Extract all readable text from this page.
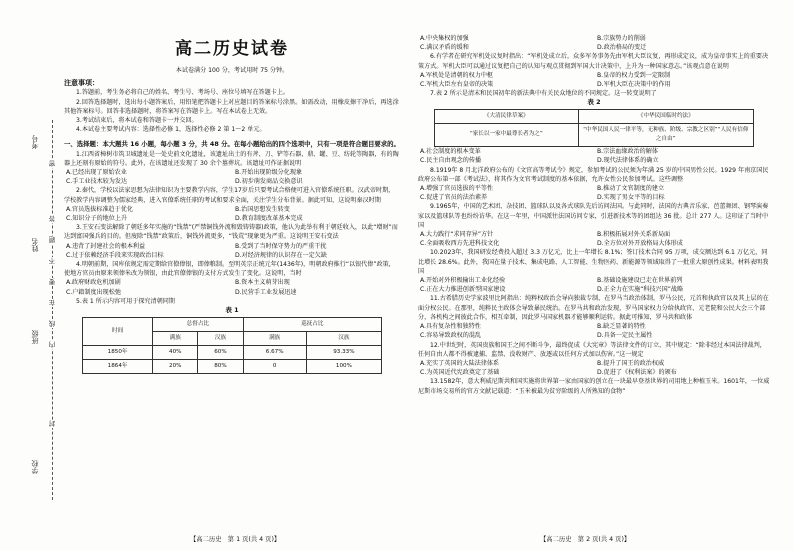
考号
姓名
班级
学校
答
题
不
要
在
线
内
密
封
高二历史试卷

本试卷满分 100 分，考试用时 75 分钟。

注意事项：

1.答题前，考生务必将自己的姓名、考生号、考场号、座位号填写在答题卡上。

2.回答选择题时，选出每小题答案后，用铅笔把答题卡上对应题目的答案标号涂黑。如需改动，用橡皮擦干净后，再选涂其他答案标号。回答非选择题时，将答案写在答题卡上。写在本试卷上无效。

3.考试结束后，将本试卷和答题卡一并交回。

4.本试卷主要考试内容：选择性必修 1，选择性必修 2 第 1～2 单元。

一、选择题：本大题共 16 小题，每小题 3 分，共 48 分。在每小题给出的四个选项中，只有一项是符合题目要求的。

1.江西省樟树市筑卫城遗址是一处史前文化遗址，该遗址出土的有斧、刀、铲等石器，鼎、罐、豆、纺轮等陶器，有的陶器上还刻有原始的符号。此外，在该遗址还发现了 30 余个墓葬坑。该遗址可作证据说明

A.已经出现了原始农业	B.开始出现阶级分化现象
C.手工业技术较为发达	D.初步萌发商品交换意识

2.秦代，学校以法家思想为法律知识为主要教学内容，学生17岁后只要考试合格便可进入官僚系统任职。汉武帝时期，学校教学内容调整为儒家经典，进入官僚系统任职的考试和要求全面，关注学生分布背景。据此可知，这说明秦汉时期

A.官员选拔标准趋于优化	B.治国思想发生转变
C.知识分子的地位上升	D.教育制度改革基本完成

3.王安石变法解除了朝廷多年实施的“钱禁”(严禁铜钱外流和毁铸铸器)政策，他认为此举有利于朝廷收入，以此“增财”而达到富国强兵的目的。但废除“钱禁”政策后，铜钱外流更多，“钱荒”现象更为严重。这说明王安石变法

A.违背了封建社会的根本利益	B.受到了当时保守势力的严重干扰
C.过于依赖经济手段来实现政治目标	D.对经济规律的认识存在一定欠缺

4.明朝前期，国库依规定需定期给官僚俸银，即俸粮制。至明英宗正统元年(1436年)，明朝政府推行“以银代俸”政策，使地方官员由原来领俸米改为领银，由此官僚俸银的支付方式发生了变化。这说明，当时

A.政府财政危机加剧	B.资本主义萌芽出现
C.户籍制度出现松弛	D.民营手工业发展迅速

5.表 1 所示内容可用于探究清朝同期

表 1
时间	总督占比		巡抚占比	
	满族	汉族	满族	汉族
1850年	40%	60%	6.67%	93.33%
1864年	20%	80%	0	100%
【高二历史　第 1 页(共 4 页)】
A.中央集权的加强	B.宗族势力的削弱
C.满汉矛盾的缓和	D.政治格局的变迁

6.有学者在研究军机处议复时指出：“军机处成立后，众多军务事务先由军机大臣议复，再形成定议，成为皇帝事实上的重要决策方式。军机大臣可以通过议复把自己的认知与观点贯彻到军国大计决策中，上升为一种国家意志。”该观点意在说明

A.军机处是清朝的权力中枢	B.皇帝的权力受到一定限制
C.军机大臣左右皇帝的决策	D.军机大臣在决策中的作用

7.表 2 所示是清末和民国初年的新法典中有关民众地位的不同规定。这一转变说明了

表 2
《大清民律草案》	《中华民国临时约法》
“家长以一家中最尊长者为之”	“中华民国人民一律平等，无种族、阶级、宗教之区别”“人民有信仰之自由”
A.社会制度的根本变革	B.宗法血缘政治的解体
C.民主自由观念的传播	D.现代法律体系的确立

8.1919年 8 月北洋政府公布的《文官高等考试令》规定，参加考试的公民须为年满 25 岁的中国男性公民。1929 年南京国民政府公布第一部《考试法》，将其作为文官考试制度的基本依据，允许女性公民参加考试。这些调整

A.增强了官员选拔的平等性	B.推动了文官制度的建立
C.促进了官员的法治素养	D.实现了男女平等的目标

9.1965年，中国的艺术团、杂技团、篮球队以及各式球队先后访问法国。与此同时，法国的古典音乐家、芭蕾舞团、钢琴演奏家以及篮球队等也纷纷访华。在这一年里，中国派往法国访问专家，引进新技术等的团组达 36 批。总计 277 人。这印证了当时中国

A.大力践行“求同存异”方针	B.积极拓展对外关系新局面
C.全面吸收西方先进科技文化	D.全方位对外开放格局大体形成

10.2023年，我国研发经费投入超过 3.3 万亿元，比上一年增长 8.1%；签订技术合同 95 万项，成交额达到 6.1 万亿元，同比增长 28.6%。此外，我国在量子技术、集成电路、人工智能、生物医药、新能源等领域取得了一批重大原创性成果。材料表明我国

A.开始对外积极输出工业化经验	B.基础设施建设已走在世界前列
C.正在大力推进创新型国家建设	D.正全力在实施“科技兴国”战略

11.古希腊历史学家波里比阿指出：纯粹权政治会导向独裁专制，在罗马当政治体制，罗马公民，元首和执政官以及其上层的在面分权公民。在那里，纯粹民主政体会导致暴民统治。在罗马共和政治发现，罗马国家权力分给执政官、元老院和公民大会三个部分，各机构之间彼此合作，相互牵制，因此罗马国家机器才能够顺利运转。据此可推知，罗马共和政体

A.具有复杂性和独特性	B.缺乏显著的特性
C.容易导致政权的混乱	D.具备一定民主属性

12.中世纪时，英国贵族和国王之间不断斗争，最终促成《大宪章》等法律文件的订立，其中规定：“除非经过本国法律裁判，任何自由人都不得被逮捕、监禁、没收财产、放逐或以任何方式加以伤害。”这一规定

A.充实了英国的大陆法律体系	B.提升了国王的政治权威
C.为英国近代宪政奠定了基础	D.促进了《权利法案》的颁布

13.1582年，意大利威尼斯共和国实施将世界第一家由国家的创立在一块最早登基世界的司用地上种植玉米。1601年，一位威尼斯市场交易所的官方文献记载道：“玉米被最为贫穷阶级的人所熟知的食物”

【高二历史　第 2 页(共 4 页)】
